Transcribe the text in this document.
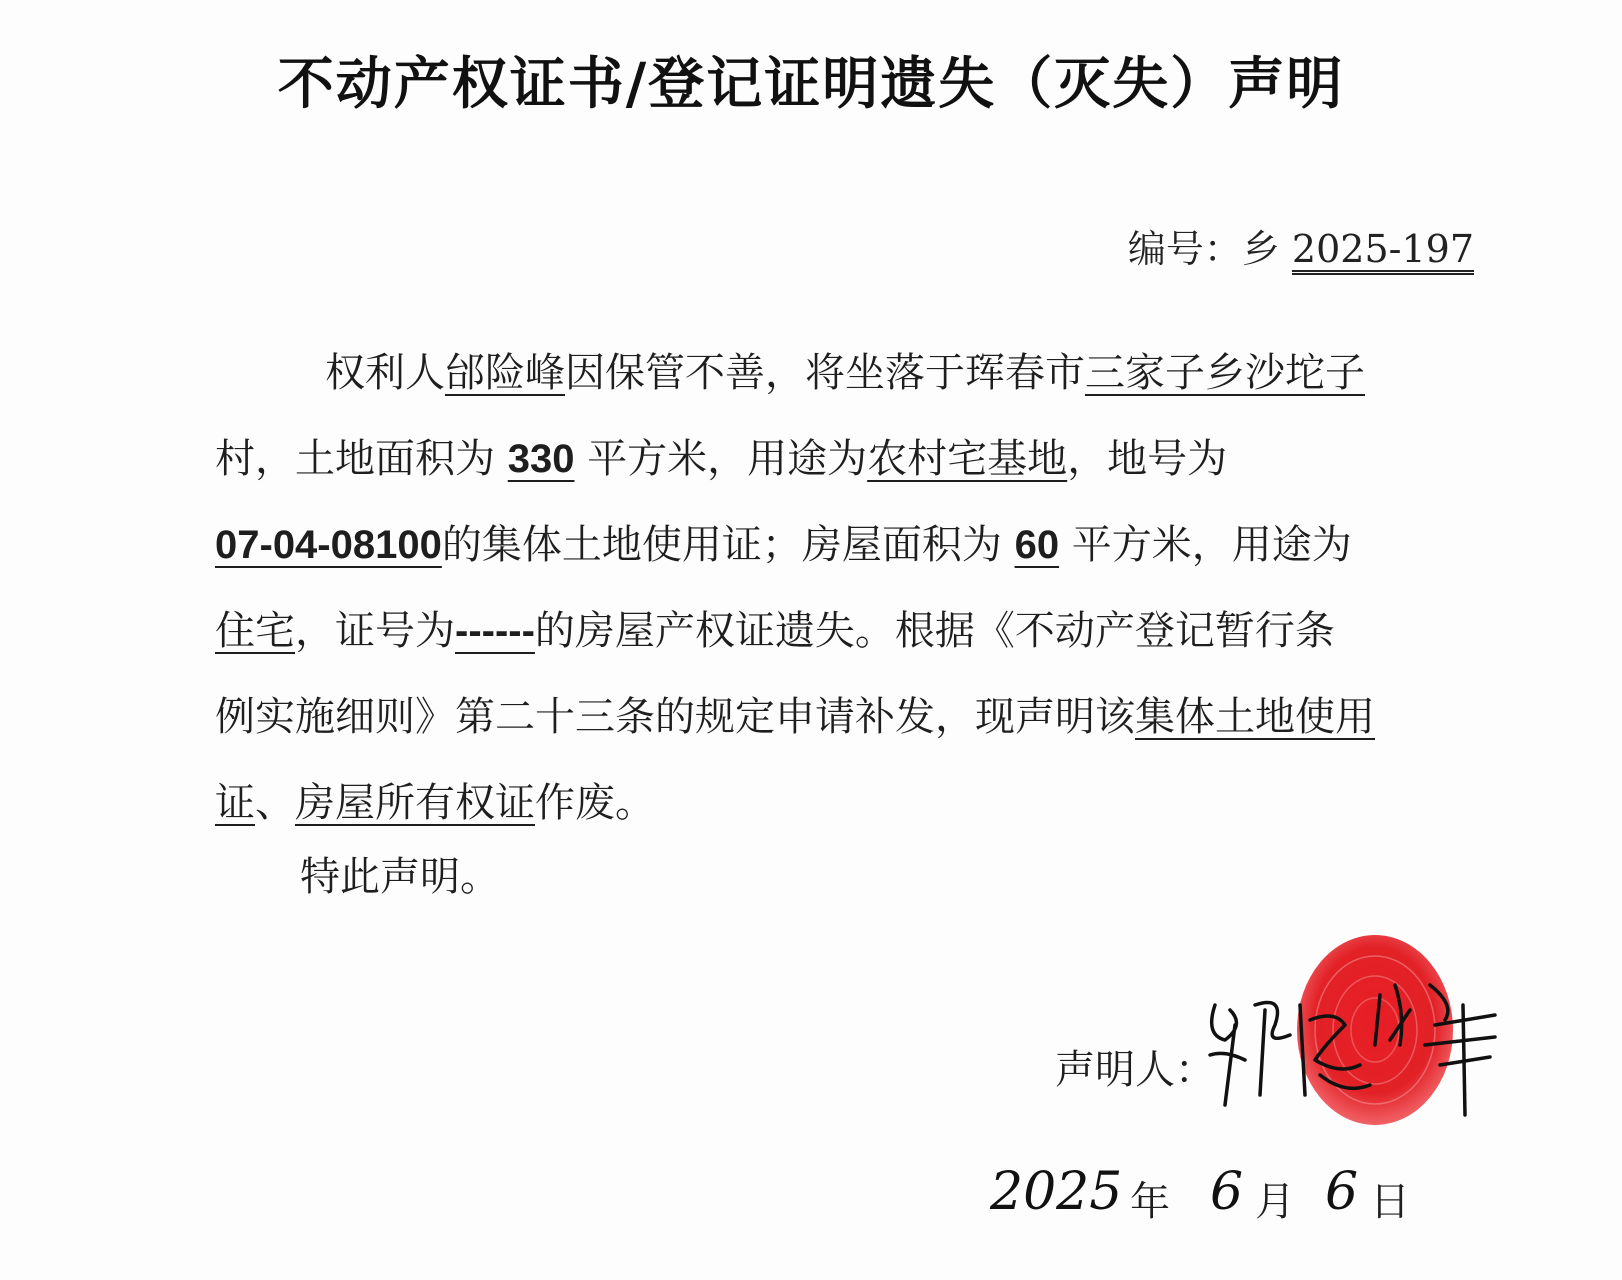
不动产权证书/登记证明遗失（灭失）声明
编号：乡 2025-197
权利人邰险峰因保管不善，将坐落于珲春市三家子乡沙坨子
村，土地面积为 330 平方米，用途为农村宅基地，地号为
07-04-08100的集体土地使用证；房屋面积为 60 平方米，用途为
住宅，证号为------的房屋产权证遗失。根据《不动产登记暂行条
例实施细则》第二十三条的规定申请补发，现声明该集体土地使用
证、房屋所有权证作废。
特此声明。
声明人：
2025 年 6 月 6 日
